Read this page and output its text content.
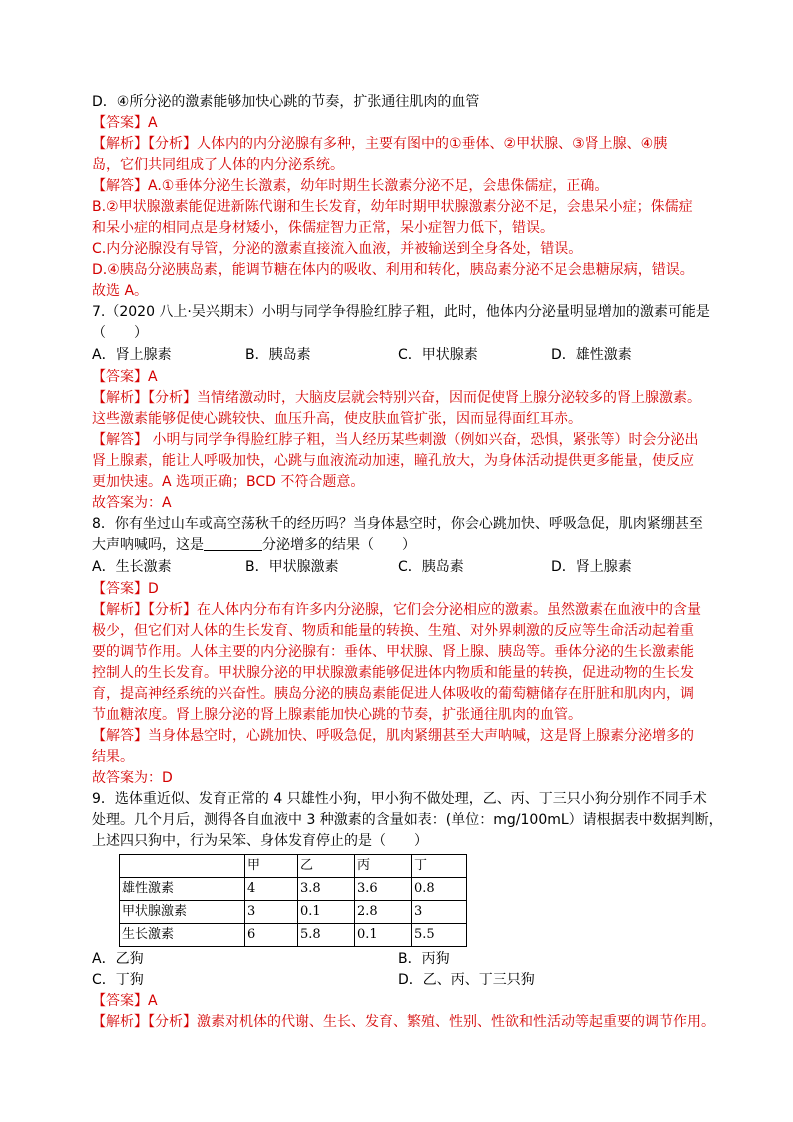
D．④所分泌的激素能够加快心跳的节奏，扩张通往肌肉的血管
【答案】A
【解析】【分析】人体内的内分泌腺有多种，主要有图中的①垂体、②甲状腺、③肾上腺、④胰
岛，它们共同组成了人体的内分泌系统。
【解答】A.①垂体分泌生长激素，幼年时期生长激素分泌不足，会患侏儒症，正确。
B.②甲状腺激素能促进新陈代谢和生长发育，幼年时期甲状腺激素分泌不足，会患呆小症；侏儒症
和呆小症的相同点是身材矮小，侏儒症智力正常，呆小症智力低下，错误。
C.内分泌腺没有导管，分泌的激素直接流入血液，并被输送到全身各处，错误。
D.④胰岛分泌胰岛素，能调节糖在体内的吸收、利用和转化，胰岛素分泌不足会患糖尿病，错误。
故选 A。
7.（2020 八上·吴兴期末）小明与同学争得脸红脖子粗，此时，他体内分泌量明显增加的激素可能是
（　　）
A．肾上腺素	B．胰岛素	C．甲状腺素	D．雄性激素
【答案】A
【解析】【分析】当情绪激动时，大脑皮层就会特别兴奋，因而促使肾上腺分泌较多的肾上腺激素。
这些激素能够促使心跳较快、血压升高，使皮肤血管扩张，因而显得面红耳赤。
【解答】 小明与同学争得脸红脖子粗，当人经历某些刺激（例如兴奋，恐惧，紧张等）时会分泌出
肾上腺素，能让人呼吸加快，心跳与血液流动加速，瞳孔放大，为身体活动提供更多能量，使反应
更加快速。A 选项正确；BCD 不符合题意。
故答案为：A
8．你有坐过山车或高空荡秋千的经历吗？当身体悬空时，你会心跳加快、呼吸急促，肌肉紧绷甚至
大声呐喊吗，这是	分泌增多的结果（　　）
A．生长激素	B．甲状腺激素	C．胰岛素	D．肾上腺素
【答案】D
【解析】【分析】在人体内分布有许多内分泌腺，它们会分泌相应的激素。虽然激素在血液中的含量
极少，但它们对人体的生长发育、物质和能量的转换、生殖、对外界刺激的反应等生命活动起着重
要的调节作用。人体主要的内分泌腺有：垂体、甲状腺、肾上腺、胰岛等。垂体分泌的生长激素能
控制人的生长发育。甲状腺分泌的甲状腺激素能够促进体内物质和能量的转换，促进动物的生长发
育，提高神经系统的兴奋性。胰岛分泌的胰岛素能促进人体吸收的葡萄糖储存在肝脏和肌肉内，调
节血糖浓度。肾上腺分泌的肾上腺素能加快心跳的节奏，扩张通往肌肉的血管。
【解答】当身体悬空时，心跳加快、呼吸急促，肌肉紧绷甚至大声呐喊，这是肾上腺素分泌增多的
结果。
故答案为：D
9．选体重近似、发育正常的 4 只雄性小狗，甲小狗不做处理，乙、丙、丁三只小狗分别作不同手术
处理。几个月后，测得各自血液中 3 种激素的含量如表：(单位：mg/100mL）请根据表中数据判断，
上述四只狗中，行为呆笨、身体发育停止的是（　　）
	甲	乙	丙	丁
雄性激素	4	3.8	3.6	0.8
甲状腺激素	3	0.1	2.8	3
生长激素	6	5.8	0.1	5.5
A．乙狗	B．丙狗
C．丁狗	D．乙、丙、丁三只狗
【答案】A
【解析】【分析】激素对机体的代谢、生长、发育、繁殖、性别、性欲和性活动等起重要的调节作用。
